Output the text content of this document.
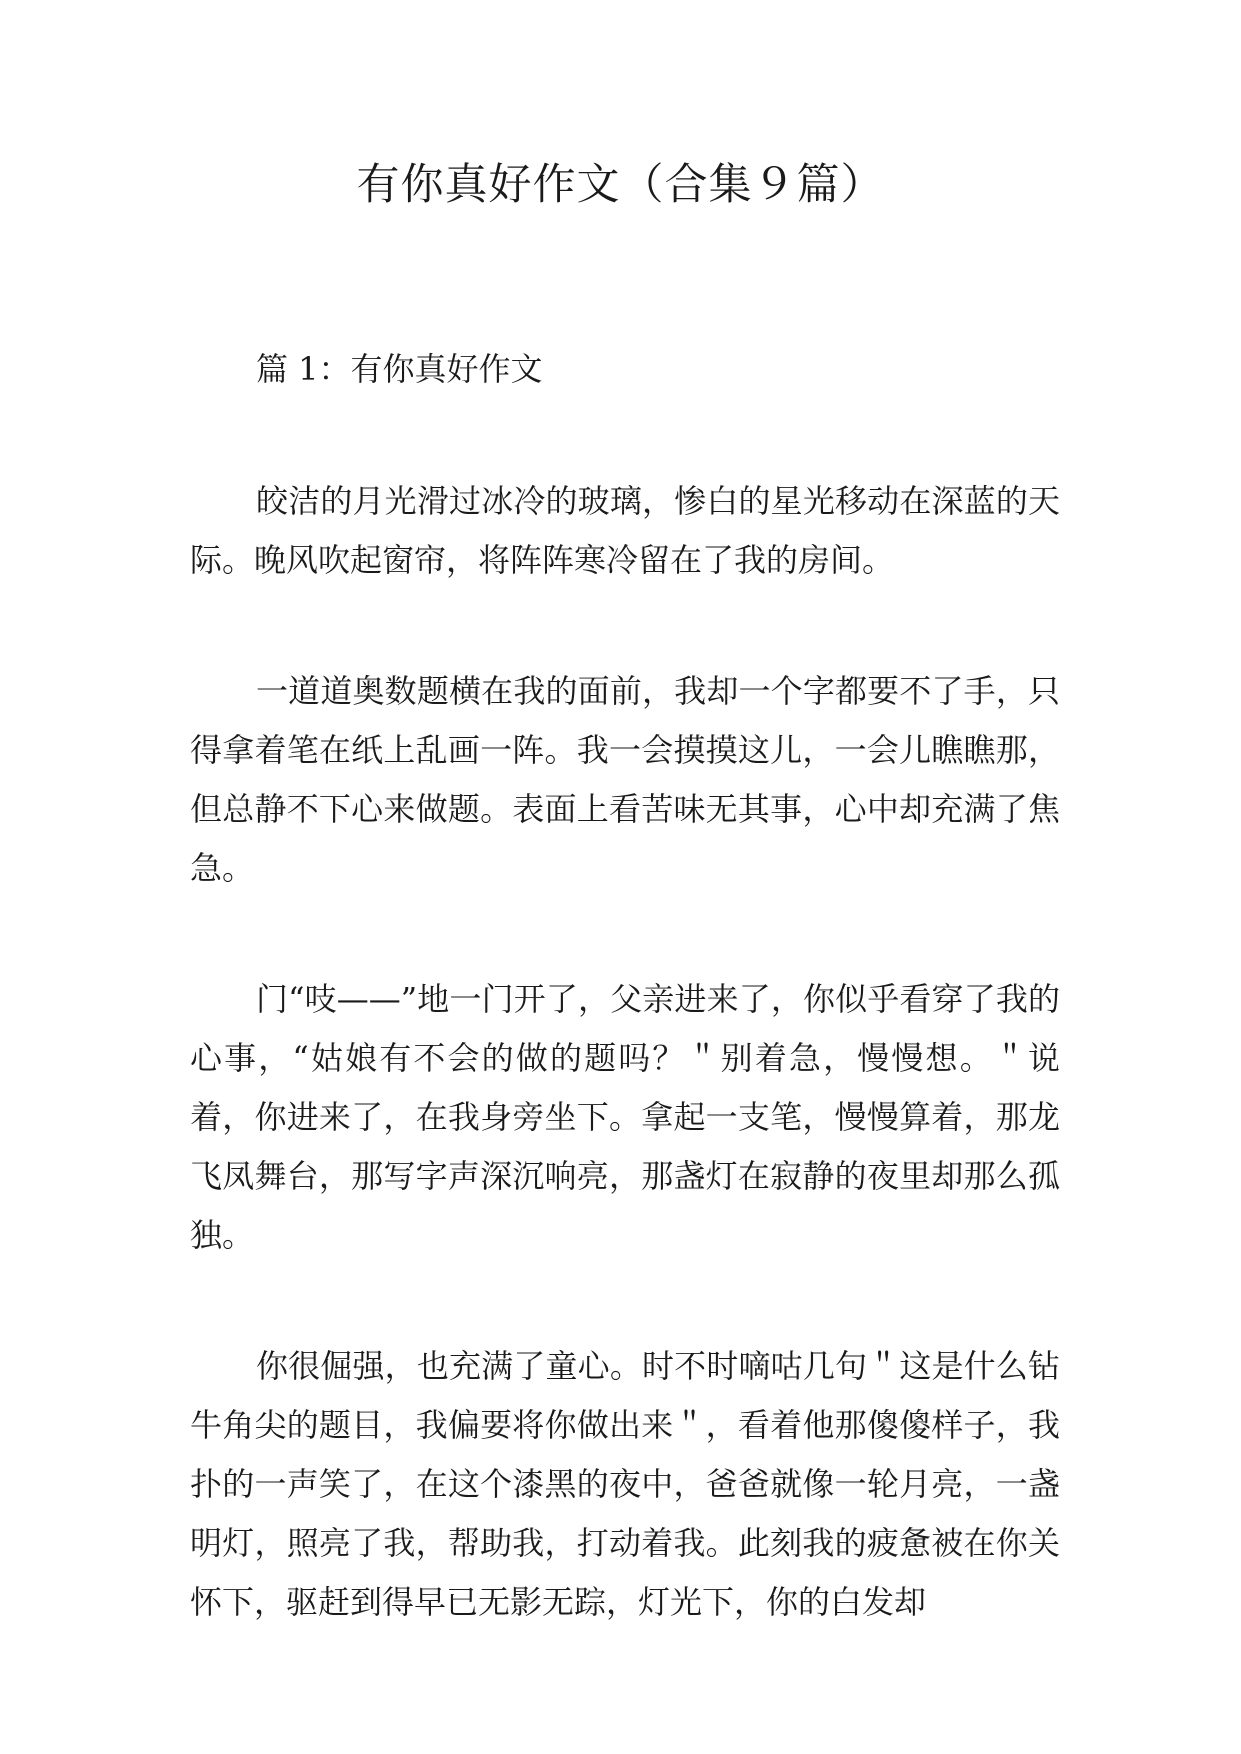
有你真好作文（合集９篇）
篇 1：有你真好作文

皎洁的月光滑过冰冷的玻璃，惨白的星光移动在深蓝的天际。晚风吹起窗帘，将阵阵寒冷留在了我的房间。

一道道奥数题横在我的面前，我却一个字都要不了手，只得拿着笔在纸上乱画一阵。我一会摸摸这儿，一会儿瞧瞧那，但总静不下心来做题。表面上看苦味无其事，心中却充满了焦急。

门“吱——”地一门开了，父亲进来了，你似乎看穿了我的心事，“姑娘有不会的做的题吗？＂别着急，慢慢想。＂说着，你进来了，在我身旁坐下。拿起一支笔，慢慢算着，那龙飞凤舞台，那写字声深沉响亮，那盏灯在寂静的夜里却那么孤独。

你很倔强，也充满了童心。时不时嘀咕几句＂这是什么钻牛角尖的题目，我偏要将你做出来＂，看着他那傻傻样子，我扑的一声笑了，在这个漆黑的夜中，爸爸就像一轮月亮，一盏明灯，照亮了我，帮助我，打动着我。此刻我的疲惫被在你关怀下，驱赶到得早已无影无踪，灯光下，你的白发却
